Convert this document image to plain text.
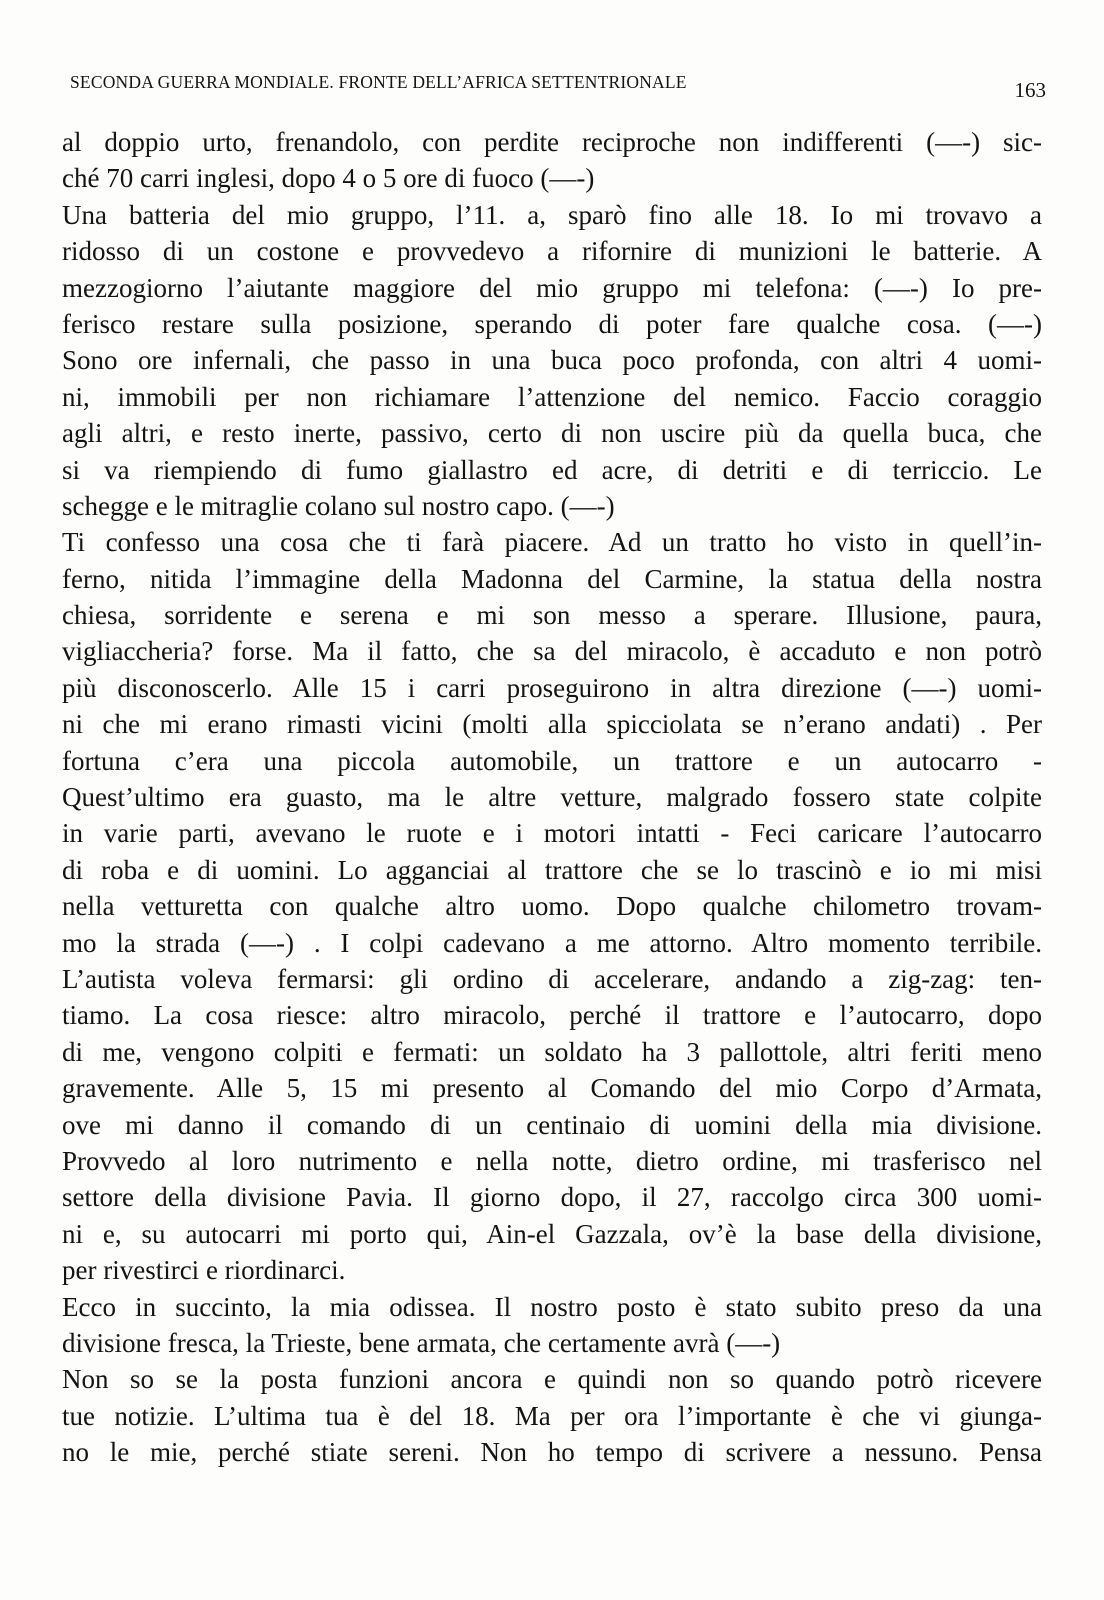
SECONDA GUERRA MONDIALE. FRONTE DELL’AFRICA SETTENTRIONALE	163
al doppio urto, frenandolo, con perdite reciproche non indifferenti (—-) sic-
ché 70 carri inglesi, dopo 4 o 5 ore di fuoco (—-)
Una batteria del mio gruppo, l’11. a, sparò fino alle 18. Io mi trovavo a
ridosso di un costone e provvedevo a rifornire di munizioni le batterie. A
mezzogiorno l’aiutante maggiore del mio gruppo mi telefona: (—-) Io pre-
ferisco restare sulla posizione, sperando di poter fare qualche cosa. (—-)
Sono ore infernali, che passo in una buca poco profonda, con altri 4 uomi-
ni, immobili per non richiamare l’attenzione del nemico. Faccio coraggio
agli altri, e resto inerte, passivo, certo di non uscire più da quella buca, che
si va riempiendo di fumo giallastro ed acre, di detriti e di terriccio. Le
schegge e le mitraglie colano sul nostro capo. (—-)
Ti confesso una cosa che ti farà piacere. Ad un tratto ho visto in quell’in-
ferno, nitida l’immagine della Madonna del Carmine, la statua della nostra
chiesa, sorridente e serena e mi son messo a sperare. Illusione, paura,
vigliaccheria? forse. Ma il fatto, che sa del miracolo, è accaduto e non potrò
più disconoscerlo. Alle 15 i carri proseguirono in altra direzione (—-) uomi-
ni che mi erano rimasti vicini (molti alla spicciolata se n’erano andati) . Per
fortuna c’era una piccola automobile, un trattore e un autocarro -
Quest’ultimo era guasto, ma le altre vetture, malgrado fossero state colpite
in varie parti, avevano le ruote e i motori intatti - Feci caricare l’autocarro
di roba e di uomini. Lo agganciai al trattore che se lo trascinò e io mi misi
nella vetturetta con qualche altro uomo. Dopo qualche chilometro trovam-
mo la strada (—-) . I colpi cadevano a me attorno. Altro momento terribile.
L’autista voleva fermarsi: gli ordino di accelerare, andando a zig-zag: ten-
tiamo. La cosa riesce: altro miracolo, perché il trattore e l’autocarro, dopo
di me, vengono colpiti e fermati: un soldato ha 3 pallottole, altri feriti meno
gravemente. Alle 5, 15 mi presento al Comando del mio Corpo d’Armata,
ove mi danno il comando di un centinaio di uomini della mia divisione.
Provvedo al loro nutrimento e nella notte, dietro ordine, mi trasferisco nel
settore della divisione Pavia. Il giorno dopo, il 27, raccolgo circa 300 uomi-
ni e, su autocarri mi porto qui, Ain-el Gazzala, ov’è la base della divisione,
per rivestirci e riordinarci.
Ecco in succinto, la mia odissea. Il nostro posto è stato subito preso da una
divisione fresca, la Trieste, bene armata, che certamente avrà (—-)
Non so se la posta funzioni ancora e quindi non so quando potrò ricevere
tue notizie. L’ultima tua è del 18. Ma per ora l’importante è che vi giunga-
no le mie, perché stiate sereni. Non ho tempo di scrivere a nessuno. Pensa
